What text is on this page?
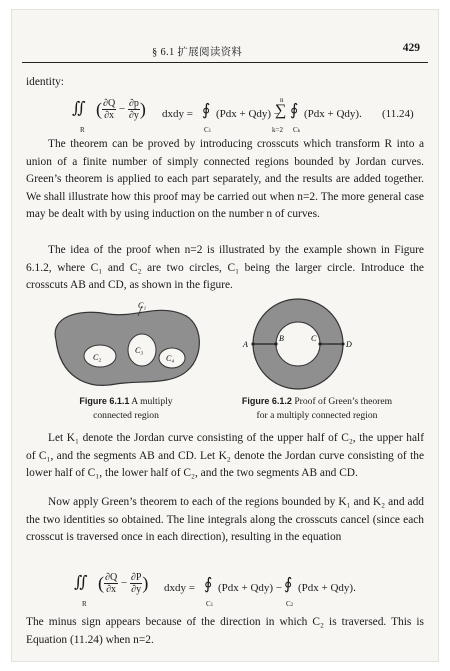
§ 6.1 扩展阅读资料	429

identity:

∬
R
( $\frac{\partial Q}{\partial x} - \frac{\partial p}{\partial y}$ ) dxdy = ∮
C1
(Pdx + Qdy) −
n
∑
k=2
∮
Ck
(Pdx + Qdy). (11.24)

The theorem can be proved by introducing crosscuts which transform R into a union of a finite number of simply connected regions bounded by Jordan curves. Green’s theorem is applied to each part separately, and the results are added together. We shall illustrate how this proof may be carried out when n=2. The more general case may be dealt with by using induction on the number n of curves.

The idea of the proof when n=2 is illustrated by the example shown in Figure 6.1.2, where C₁ and C₂ are two circles, C₁ being the larger circle. Introduce the crosscuts AB and CD, as shown in the figure.

C₁
C₂
C₃
C₄
A
B	C
D
Figure 6.1.1 A multiply
connected region
Figure 6.1.2 Proof of Green’s theorem
for a multiply connected region

Let K₁ denote the Jordan curve consisting of the upper half of C₂, the upper half of C₁, and the segments AB and CD. Let K₂ denote the Jordan curve consisting of the lower half of C₁, the lower half of C₂, and the two segments AB and CD.

Now apply Green’s theorem to each of the regions bounded by K₁ and K₂ and add the two identities so obtained. The line integrals along the crosscuts cancel (since each crosscut is traversed once in each direction), resulting in the equation

∬
R
( $\frac{\partial Q}{\partial x} - \frac{\partial P}{\partial y}$ ) dxdy = ∮
C1
(Pdx + Qdy) − ∮
C2
(Pdx + Qdy).

The minus sign appears because of the direction in which C₂ is traversed. This is Equation (11.24) when n=2.
